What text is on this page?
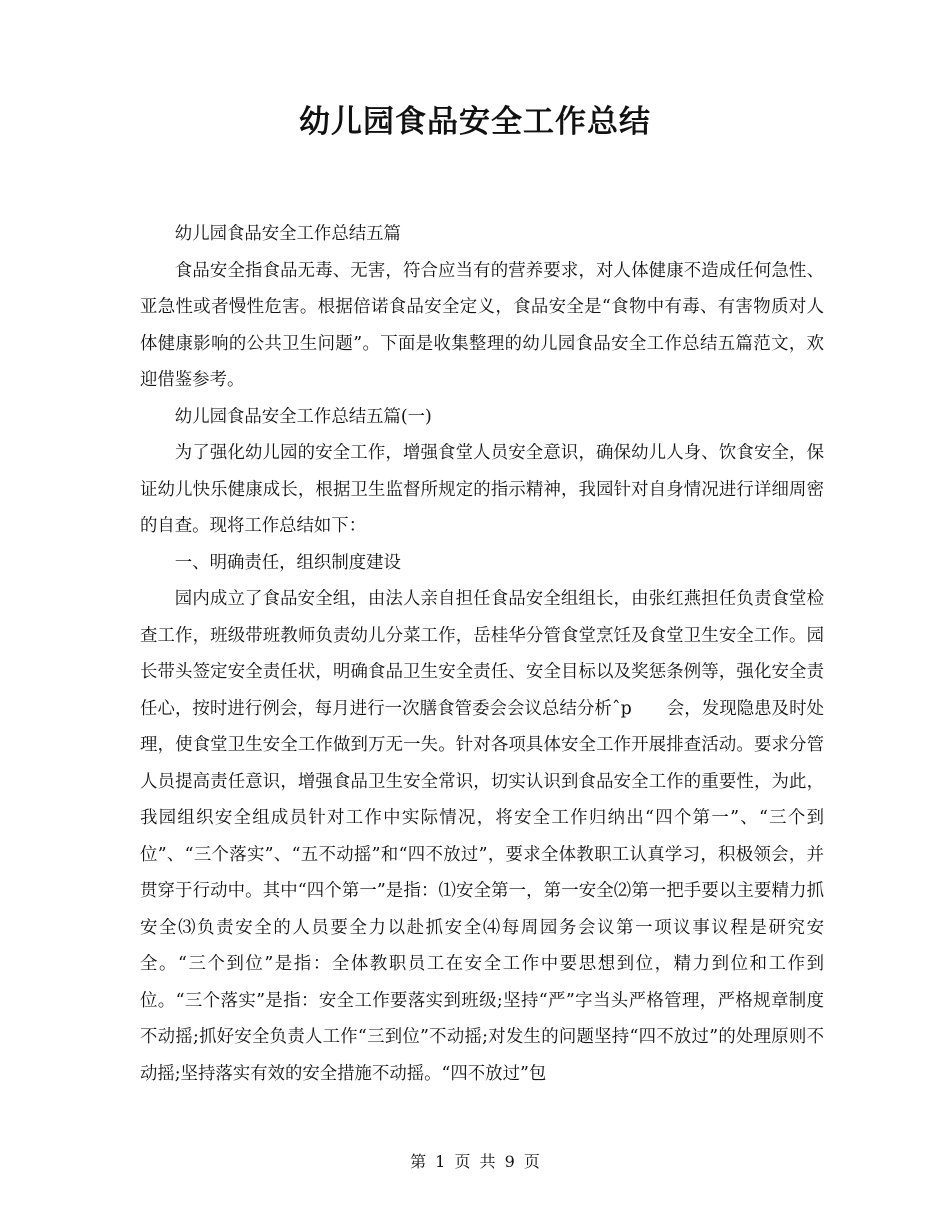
幼儿园食品安全工作总结

幼儿园食品安全工作总结五篇

食品安全指食品无毒、无害，符合应当有的营养要求，对人体健康不造成任何急性、亚急性或者慢性危害。根据倍诺食品安全定义，食品安全是“食物中有毒、有害物质对人体健康影响的公共卫生问题”。下面是收集整理的幼儿园食品安全工作总结五篇范文，欢迎借鉴参考。

幼儿园食品安全工作总结五篇(一)

为了强化幼儿园的安全工作，增强食堂人员安全意识，确保幼儿人身、饮食安全，保证幼儿快乐健康成长，根据卫生监督所规定的指示精神，我园针对自身情况进行详细周密的自查。现将工作总结如下：

一、明确责任，组织制度建设

园内成立了食品安全组，由法人亲自担任食品安全组组长，由张红燕担任负责食堂检查工作，班级带班教师负责幼儿分菜工作，岳桂华分管食堂烹饪及食堂卫生安全工作。园长带头签定安全责任状，明确食品卫生安全责任、安全目标以及奖惩条例等，强化安全责任心，按时进行例会，每月进行一次膳食管委会会议总结分析ˆp　　会，发现隐患及时处理，使食堂卫生安全工作做到万无一失。针对各项具体安全工作开展排查活动。要求分管人员提高责任意识，增强食品卫生安全常识，切实认识到食品安全工作的重要性，为此，我园组织安全组成员针对工作中实际情况，将安全工作归纳出“四个第一”、“三个到位”、“三个落实”、“五不动摇”和“四不放过”，要求全体教职工认真学习，积极领会，并贯穿于行动中。其中“四个第一”是指：⑴安全第一，第一安全⑵第一把手要以主要精力抓安全⑶负责安全的人员要全力以赴抓安全⑷每周园务会议第一项议事议程是研究安全。“三个到位”是指：全体教职员工在安全工作中要思想到位，精力到位和工作到位。“三个落实”是指：安全工作要落实到班级;坚持“严”字当头严格管理，严格规章制度不动摇;抓好安全负责人工作“三到位”不动摇;对发生的问题坚持“四不放过”的处理原则不动摇;坚持落实有效的安全措施不动摇。“四不放过”包

第 1 页 共 9 页
